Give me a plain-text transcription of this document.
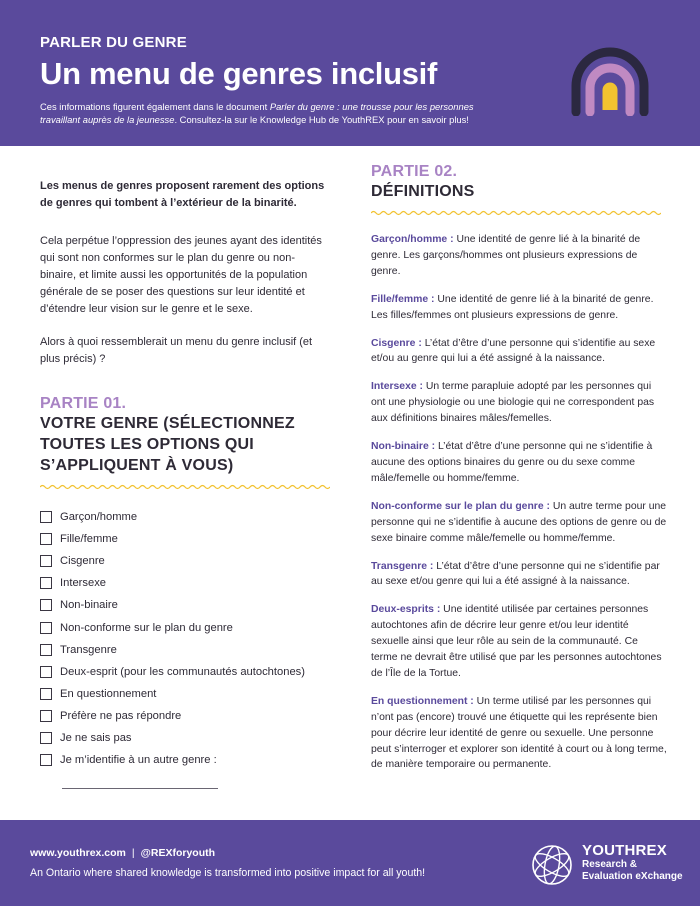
PARLER DU GENRE
Un menu de genres inclusif

Ces informations figurent également dans le document Parler du genre : une trousse pour les personnes travaillant auprès de la jeunesse. Consultez-la sur le Knowledge Hub de YouthREX pour en savoir plus!

Les menus de genres proposent rarement des options de genres qui tombent à l’extérieur de la binarité.

Cela perpétue l’oppression des jeunes ayant des identités qui sont non conformes sur le plan du genre ou non-binaire, et limite aussi les opportunités de la population générale de se poser des questions sur leur identité et d’étendre leur vision sur le genre et le sexe.

Alors à quoi ressemblerait un menu du genre inclusif (et plus précis) ?

PARTIE 01.
VOTRE GENRE (SÉLECTIONNEZ TOUTES LES OPTIONS QUI S’APPLIQUENT À VOUS)
Garçon/homme
Fille/femme
Cisgenre
Intersexe
Non-binaire
Non-conforme sur le plan du genre
Transgenre
Deux-esprit (pour les communautés autochtones)
En questionnement
Préfère ne pas répondre
Je ne sais pas
Je m’identifie à un autre genre :
PARTIE 02.
DÉFINITIONS

Garçon/homme : Une identité de genre lié à la binarité de genre. Les garçons/hommes ont plusieurs expressions de genre.

Fille/femme : Une identité de genre lié à la binarité de genre. Les filles/femmes ont plusieurs expressions de genre.

Cisgenre : L’état d’être d’une personne qui s’identifie au sexe et/ou au genre qui lui a été assigné à la naissance.

Intersexe : Un terme parapluie adopté par les personnes qui ont une physiologie ou une biologie qui ne correspondent pas aux définitions binaires mâles/femelles.

Non-binaire : L’état d’être d’une personne qui ne s’identifie à aucune des options binaires du genre ou du sexe comme mâle/femelle ou homme/femme.

Non-conforme sur le plan du genre : Un autre terme pour une personne qui ne s’identifie à aucune des options de genre ou de sexe binaire comme mâle/femelle ou homme/femme.

Transgenre : L’état d’être d’une personne qui ne s’identifie par au sexe et/ou genre qui lui a été assigné à la naissance.

Deux-esprits : Une identité utilisée par certaines personnes autochtones afin de décrire leur genre et/ou leur identité sexuelle ainsi que leur rôle au sein de la communauté. Ce terme ne devrait être utilisé que par les personnes autochtones de l’Île de la Tortue.

En questionnement : Un terme utilisé par les personnes qui n’ont pas (encore) trouvé une étiquette qui les représente bien pour décrire leur identité de genre ou sexuelle. Une personne peut s’interroger et explorer son identité à court ou à long terme, de manière temporaire ou permanente.

www.youthrex.com | @REXforyouth
An Ontario where shared knowledge is transformed into positive impact for all youth!
YOUTHREX
Research &
Evaluation eXchange
